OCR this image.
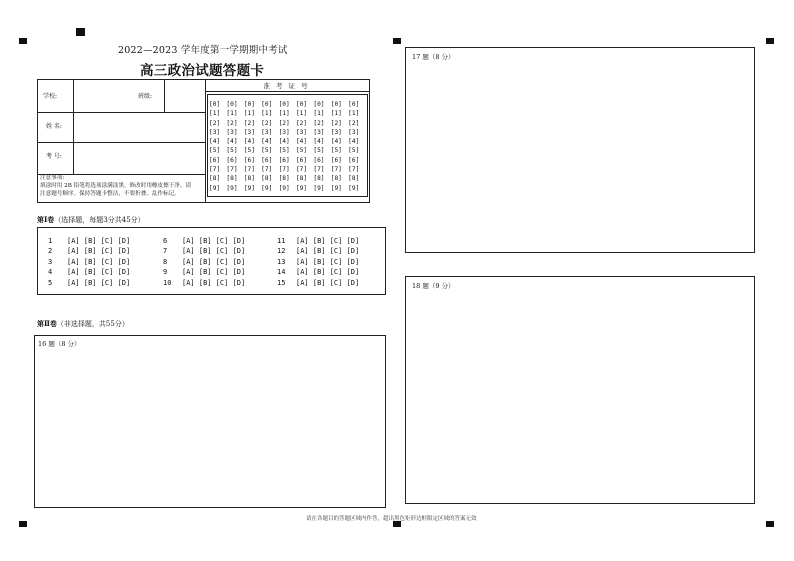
2022—2023 学年度第一学期期中考试
高三政治试题答题卡
学校:	班级:
姓 名:
考 号:
准 考 证 号
[0]	[0]	[0]	[0]	[0]	[0]	[0]	[0]	[0]
[1]	[1]	[1]	[1]	[1]	[1]	[1]	[1]	[1]
[2]	[2]	[2]	[2]	[2]	[2]	[2]	[2]	[2]
[3]	[3]	[3]	[3]	[3]	[3]	[3]	[3]	[3]
[4]	[4]	[4]	[4]	[4]	[4]	[4]	[4]	[4]
[5]	[5]	[5]	[5]	[5]	[5]	[5]	[5]	[5]
[6]	[6]	[6]	[6]	[6]	[6]	[6]	[6]	[6]
[7]	[7]	[7]	[7]	[7]	[7]	[7]	[7]	[7]
[8]	[8]	[8]	[8]	[8]	[8]	[8]	[8]	[8]
[9]	[9]	[9]	[9]	[9]	[9]	[9]	[9]	[9]
注意事项:
填涂时用 2B 铅笔将选项涂满涂黑。修改时用橡皮擦干净。请
注意题号顺序。保持答题卡整洁，不要折叠、乱作标记。
第Ⅰ卷（选择题，每题3分共45分）
1 [A] [B] [C] [D]
2 [A] [B] [C] [D]
3 [A] [B] [C] [D]
4 [A] [B] [C] [D]
5 [A] [B] [C] [D]
6 [A] [B] [C] [D]
7 [A] [B] [C] [D]
8 [A] [B] [C] [D]
9 [A] [B] [C] [D]
10 [A] [B] [C] [D]
11 [A] [B] [C] [D]
12 [A] [B] [C] [D]
13 [A] [B] [C] [D]
14 [A] [B] [C] [D]
15 [A] [B] [C] [D]
第Ⅱ卷（非选择题，共55分）
16 题（8 分）
17 题（8 分）
18 题（9 分）
请在各题目的答题区域内作答，超出黑色矩形边框限定区域的答案无效
